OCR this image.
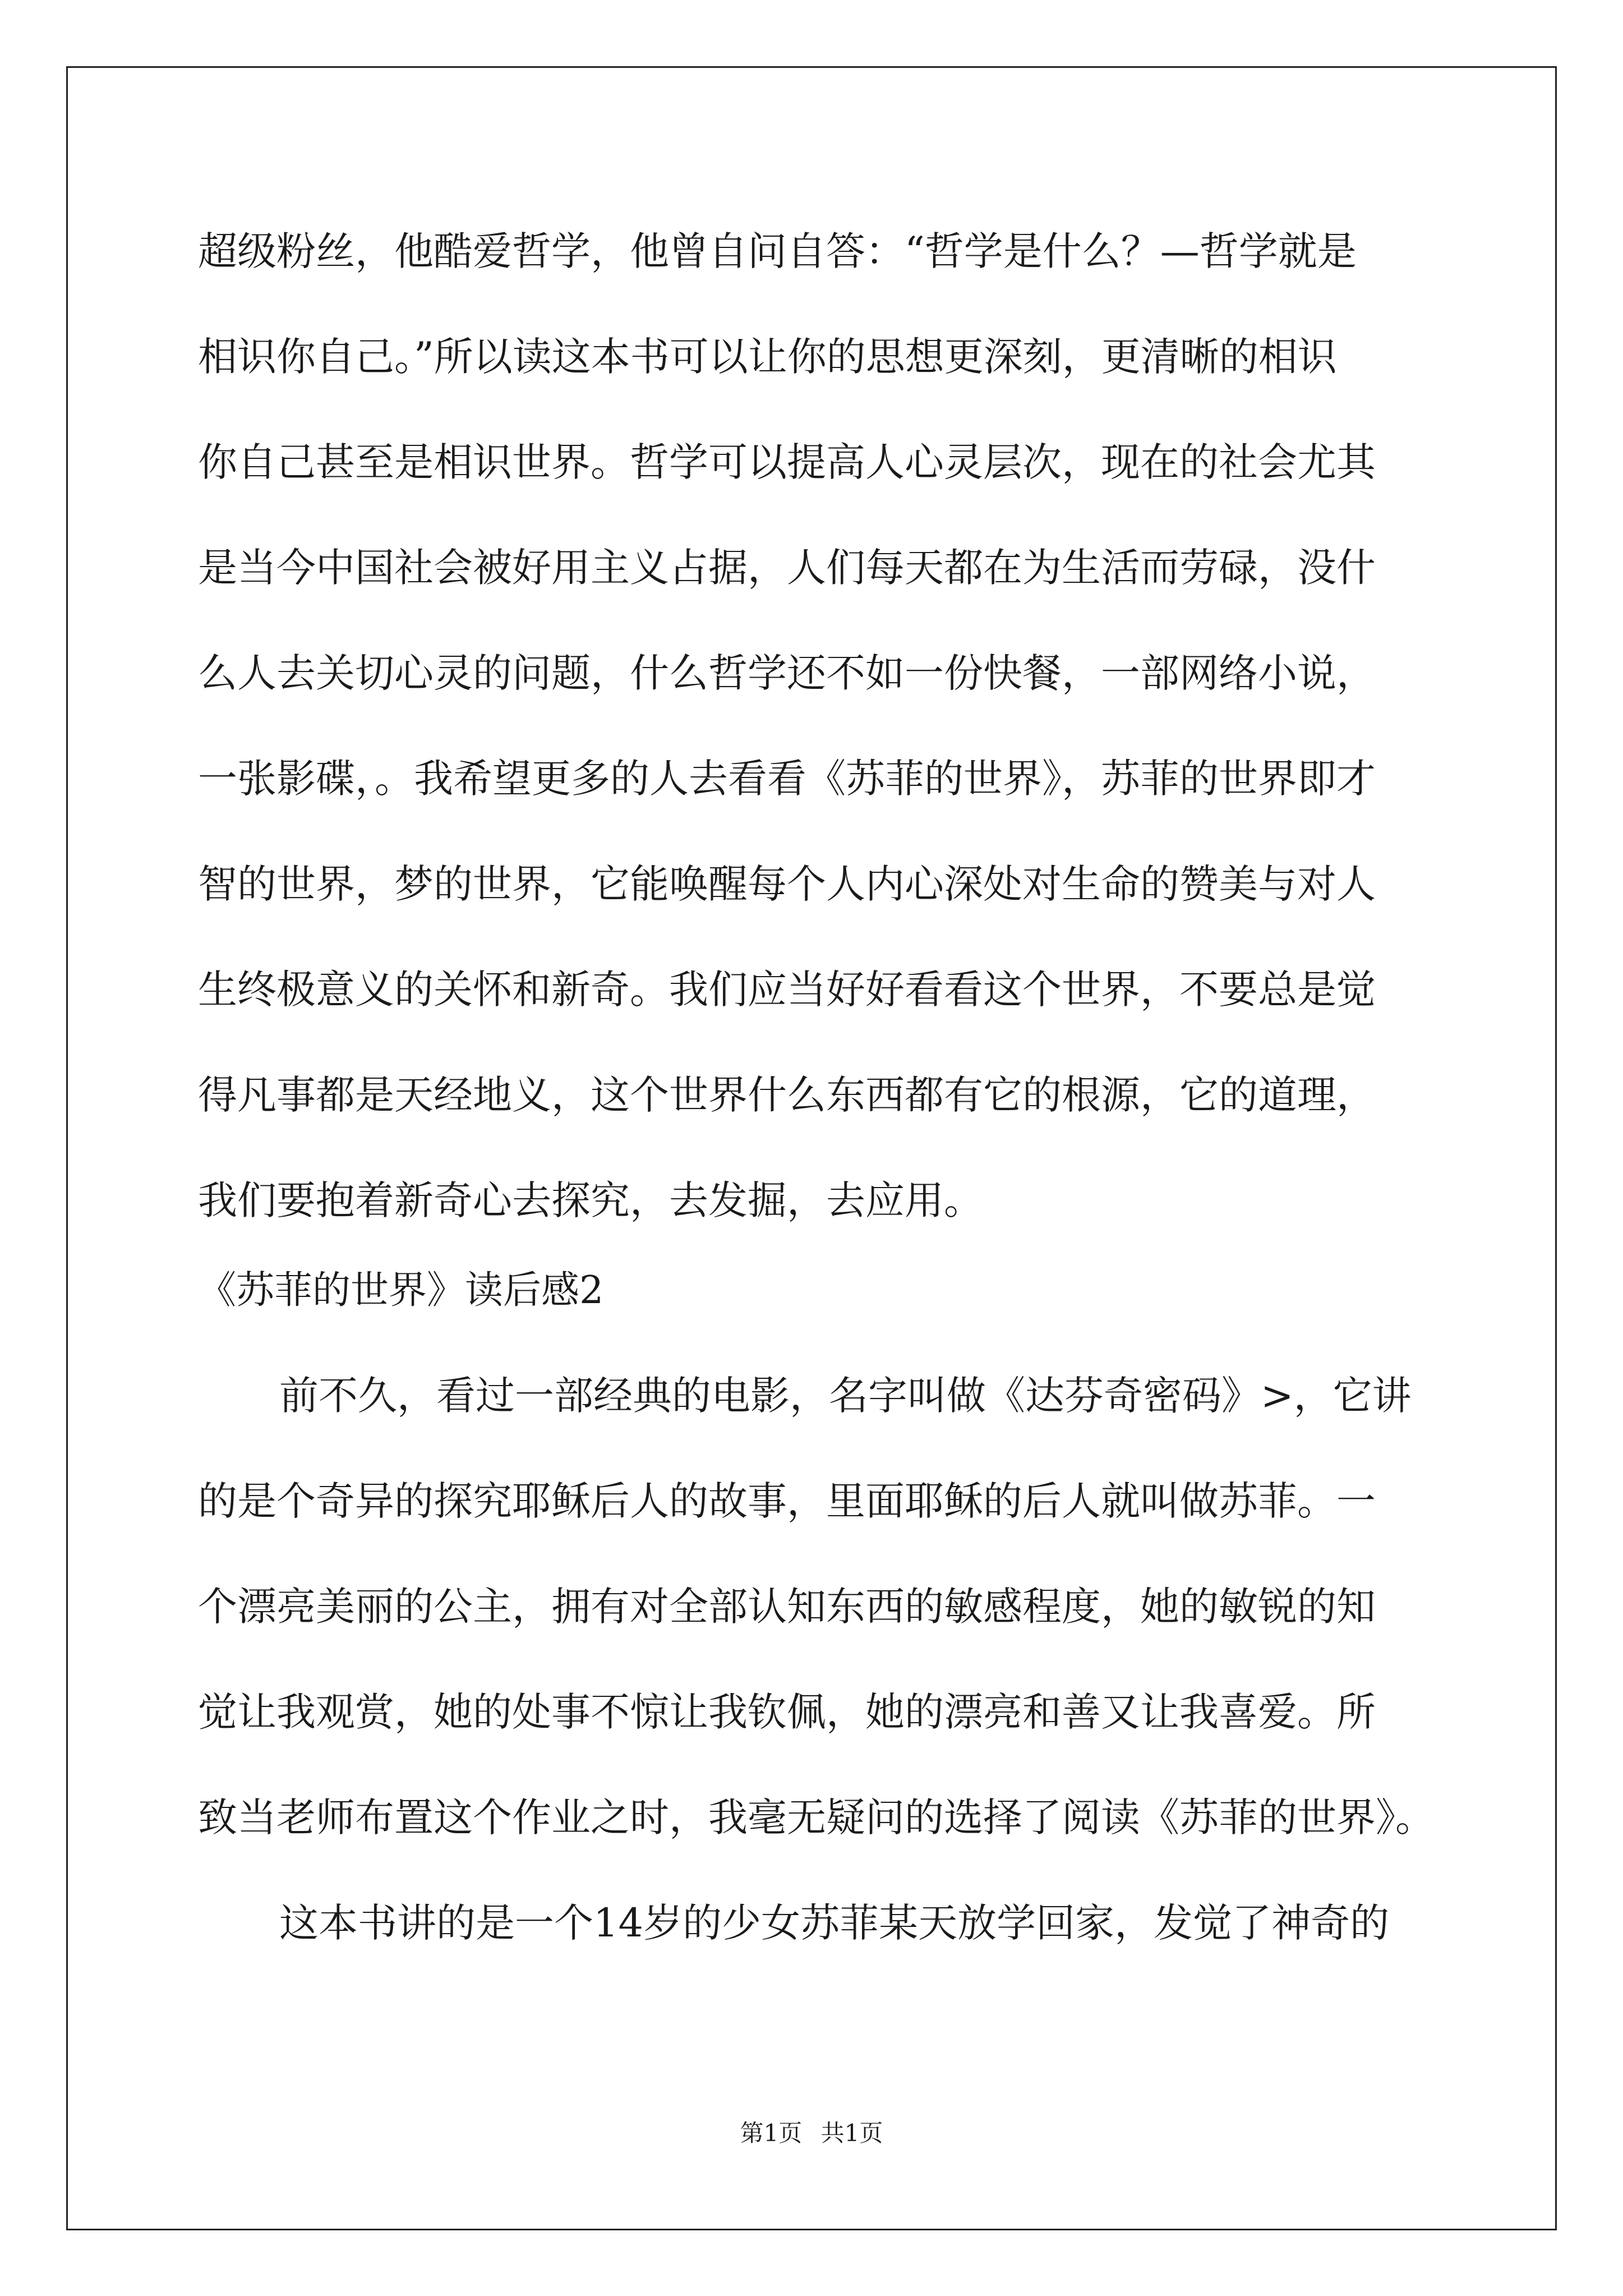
超级粉丝，他酷爱哲学，他曾自问自答：“哲学是什么？—哲学就是

相识你自己。”所以读这本书可以让你的思想更深刻，更清晰的相识

你自己甚至是相识世界。哲学可以提高人心灵层次，现在的社会尤其

是当今中国社会被好用主义占据，人们每天都在为生活而劳碌，没什

么人去关切心灵的问题，什么哲学还不如一份快餐，一部网络小说，

一张影碟，。我希望更多的人去看看《苏菲的世界》，苏菲的世界即才

智的世界，梦的世界，它能唤醒每个人内心深处对生命的赞美与对人

生终极意义的关怀和新奇。我们应当好好看看这个世界，不要总是觉

得凡事都是天经地义，这个世界什么东西都有它的根源，它的道理，

我们要抱着新奇心去探究，去发掘，去应用。

《苏菲的世界》读后感2

前不久，看过一部经典的电影，名字叫做《达芬奇密码》>，它讲

的是个奇异的探究耶稣后人的故事，里面耶稣的后人就叫做苏菲。一

个漂亮美丽的公主，拥有对全部认知东西的敏感程度，她的敏锐的知

觉让我观赏，她的处事不惊让我钦佩，她的漂亮和善又让我喜爱。所

致当老师布置这个作业之时，我毫无疑问的选择了阅读《苏菲的世界》。

这本书讲的是一个14岁的少女苏菲某天放学回家，发觉了神奇的

第1页 共1页
